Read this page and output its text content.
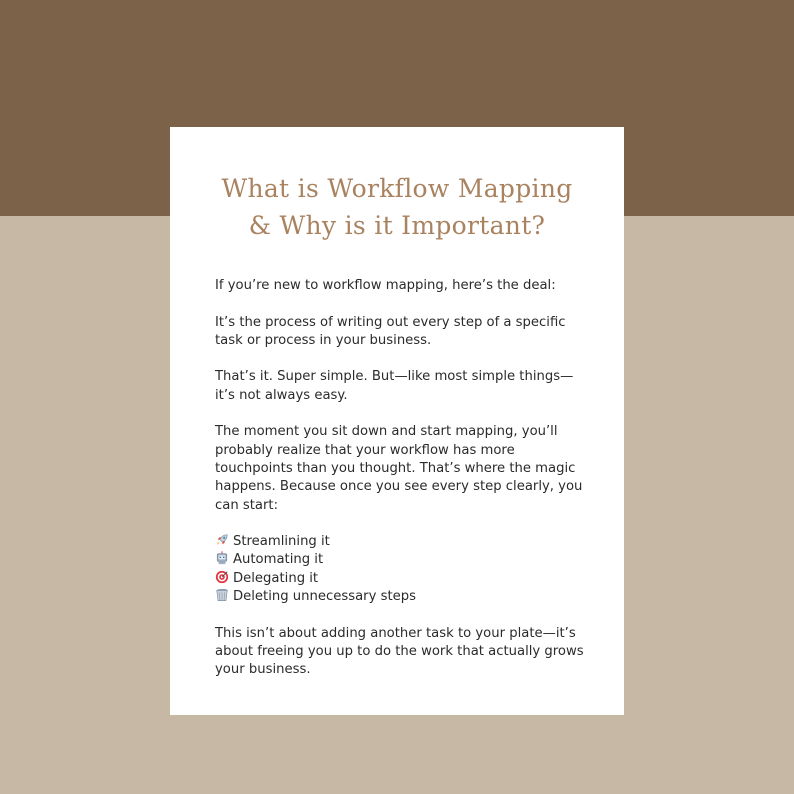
What is Workflow Mapping
& Why is it Important?

If you’re new to workflow mapping, here’s the deal:

It’s the process of writing out every step of a specific task or process in your business.

That’s it. Super simple. But—like most simple things—it’s not always easy.

The moment you sit down and start mapping, you’ll probably realize that your workflow has more touchpoints than you thought. That’s where the magic happens. Because once you see every step clearly, you can start:

Streamlining it
Automating it
Delegating it
Deleting unnecessary steps

This isn’t about adding another task to your plate—it’s about freeing you up to do the work that actually grows your business.
